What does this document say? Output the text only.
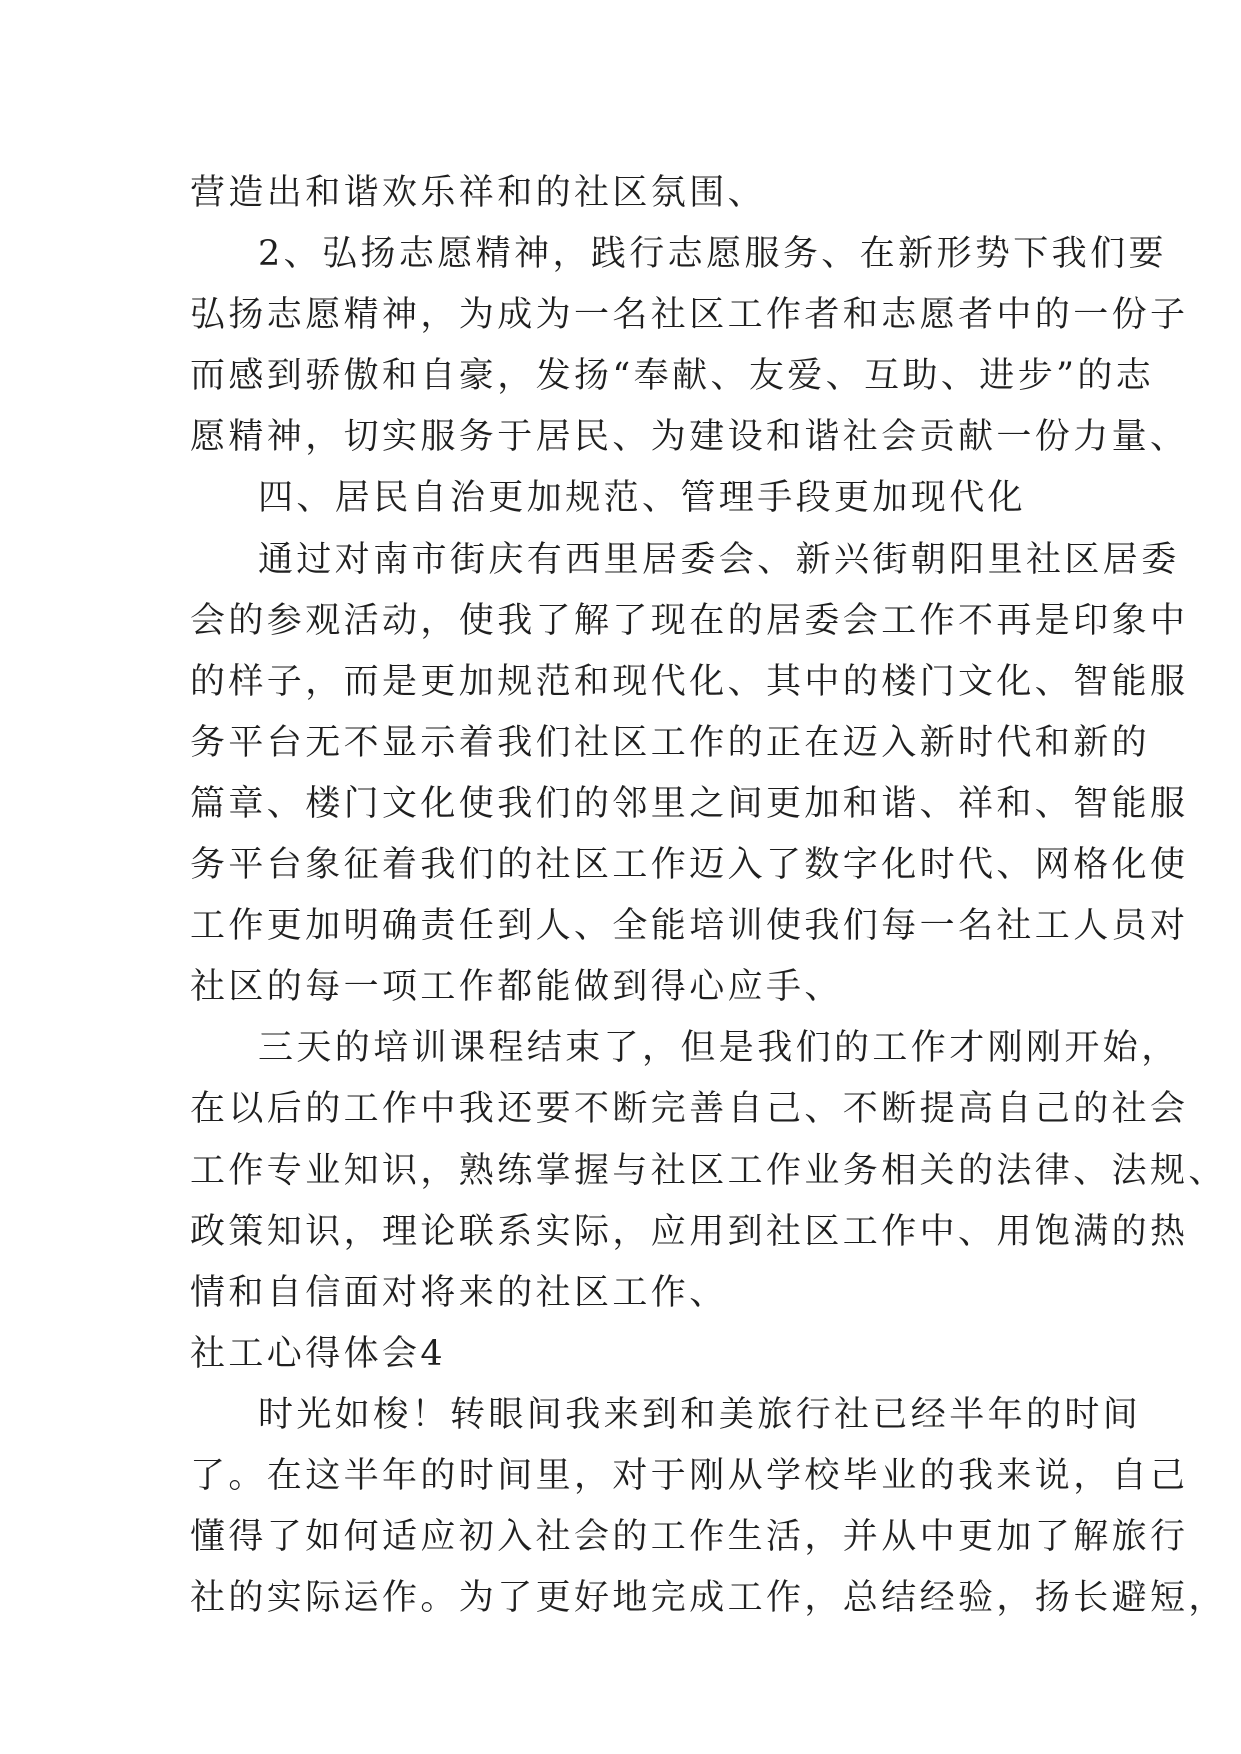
营造出和谐欢乐祥和的社区氛围、
2、弘扬志愿精神，践行志愿服务、在新形势下我们要
弘扬志愿精神，为成为一名社区工作者和志愿者中的一份子
而感到骄傲和自豪，发扬“奉献、友爱、互助、进步”的志
愿精神，切实服务于居民、为建设和谐社会贡献一份力量、
四、居民自治更加规范、管理手段更加现代化
通过对南市街庆有西里居委会、新兴街朝阳里社区居委
会的参观活动，使我了解了现在的居委会工作不再是印象中
的样子，而是更加规范和现代化、其中的楼门文化、智能服
务平台无不显示着我们社区工作的正在迈入新时代和新的
篇章、楼门文化使我们的邻里之间更加和谐、祥和、智能服
务平台象征着我们的社区工作迈入了数字化时代、网格化使
工作更加明确责任到人、全能培训使我们每一名社工人员对
社区的每一项工作都能做到得心应手、
三天的培训课程结束了，但是我们的工作才刚刚开始，
在以后的工作中我还要不断完善自己、不断提高自己的社会
工作专业知识，熟练掌握与社区工作业务相关的法律、法规、
政策知识，理论联系实际，应用到社区工作中、用饱满的热
情和自信面对将来的社区工作、
社工心得体会4
时光如梭！转眼间我来到和美旅行社已经半年的时间
了。在这半年的时间里，对于刚从学校毕业的我来说，自己
懂得了如何适应初入社会的工作生活，并从中更加了解旅行
社的实际运作。为了更好地完成工作，总结经验，扬长避短，
